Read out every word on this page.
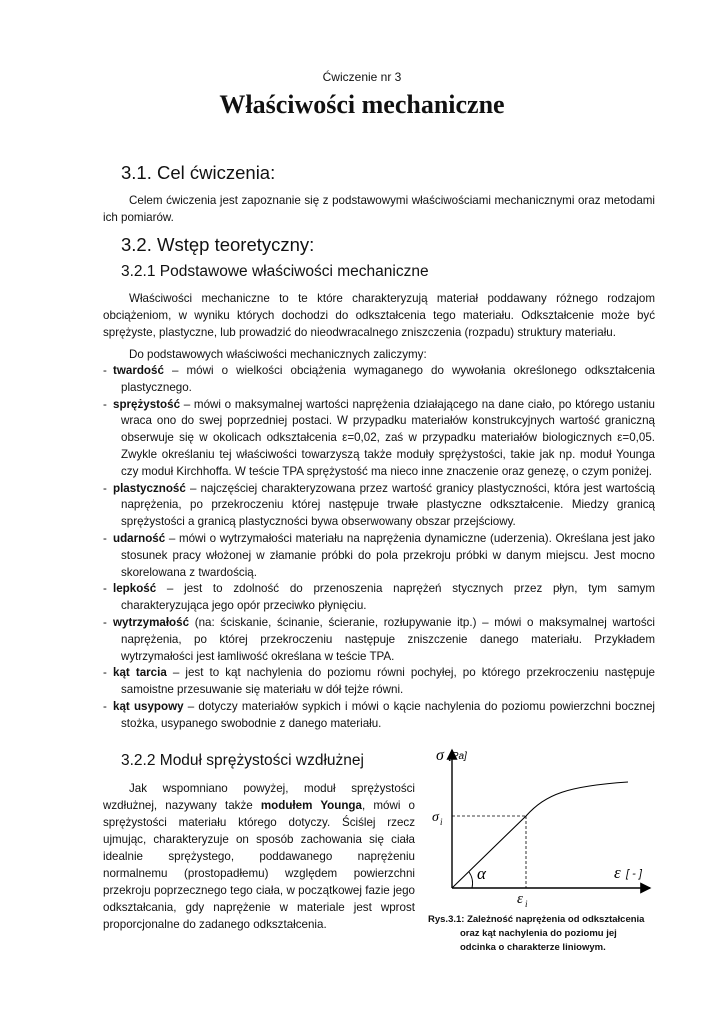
Ćwiczenie nr 3
Właściwości mechaniczne
3.1. Cel ćwiczenia:
Celem ćwiczenia jest zapoznanie się z podstawowymi właściwościami mechanicznymi oraz metodami ich pomiarów.
3.2. Wstęp teoretyczny:
3.2.1 Podstawowe właściwości mechaniczne
Właściwości mechaniczne to te które charakteryzują materiał poddawany różnego rodzajom obciążeniom, w wyniku których dochodzi do odkształcenia tego materiału. Odkształcenie może być sprężyste, plastyczne, lub prowadzić do nieodwracalnego zniszczenia (rozpadu) struktury materiału.
Do podstawowych właściwości mechanicznych zaliczymy:
- twardość – mówi o wielkości obciążenia wymaganego do wywołania określonego odkształcenia plastycznego.
- sprężystość – mówi o maksymalnej wartości naprężenia działającego na dane ciało, po którego ustaniu wraca ono do swej poprzedniej postaci. W przypadku materiałów konstrukcyjnych wartość graniczną obserwuje się w okolicach odkształcenia ε=0,02, zaś w przypadku materiałów biologicznych ε=0,05. Zwykle określaniu tej właściwości towarzyszą także moduły sprężystości, takie jak np. moduł Younga czy moduł Kirchhoffa. W teście TPA sprężystość ma nieco inne znaczenie oraz genezę, o czym poniżej.
- plastyczność – najczęściej charakteryzowana przez wartość granicy plastyczności, która jest wartością naprężenia, po przekroczeniu której następuje trwałe plastyczne odkształcenie. Miedzy granicą sprężystości a granicą plastyczności bywa obserwowany obszar przejściowy.
- udarność – mówi o wytrzymałości materiału na naprężenia dynamiczne (uderzenia). Określana jest jako stosunek pracy włożonej w złamanie próbki do pola przekroju próbki w danym miejscu. Jest mocno skorelowana z twardością.
- lepkość – jest to zdolność do przenoszenia naprężeń stycznych przez płyn, tym samym charakteryzująca jego opór przeciwko płynięciu.
- wytrzymałość (na: ściskanie, ścinanie, ścieranie, rozłupywanie itp.) – mówi o maksymalnej wartości naprężenia, po której przekroczeniu następuje zniszczenie danego materiału. Przykładem wytrzymałości jest łamliwość określana w teście TPA.
- kąt tarcia – jest to kąt nachylenia do poziomu równi pochyłej, po którego przekroczeniu następuje samoistne przesuwanie się materiału w dół tejże równi.
- kąt usypowy – dotyczy materiałów sypkich i mówi o kącie nachylenia do poziomu powierzchni bocznej stożka, usypanego swobodnie z danego materiału.
3.2.2 Moduł sprężystości wzdłużnej
Jak wspomniano powyżej, moduł sprężystości wzdłużnej, nazywany także modułem Younga, mówi o sprężystości materiału którego dotyczy. Ściślej rzecz ujmując, charakteryzuje on sposób zachowania się ciała idealnie sprężystego, poddawanego naprężeniu normalnemu (prostopadłemu) względem powierzchni przekroju poprzecznego tego ciała, w początkowej fazie jego odkształcania, gdy naprężenie w materiale jest wprost proporcjonalne do zadanego odkształcenia.
σ [Pa]
σ i
α
ε i
ε [ - ]
Rys.3.1: Zależność naprężenia od odkształcenia
oraz kąt nachylenia do poziomu jej
odcinka o charakterze liniowym.
